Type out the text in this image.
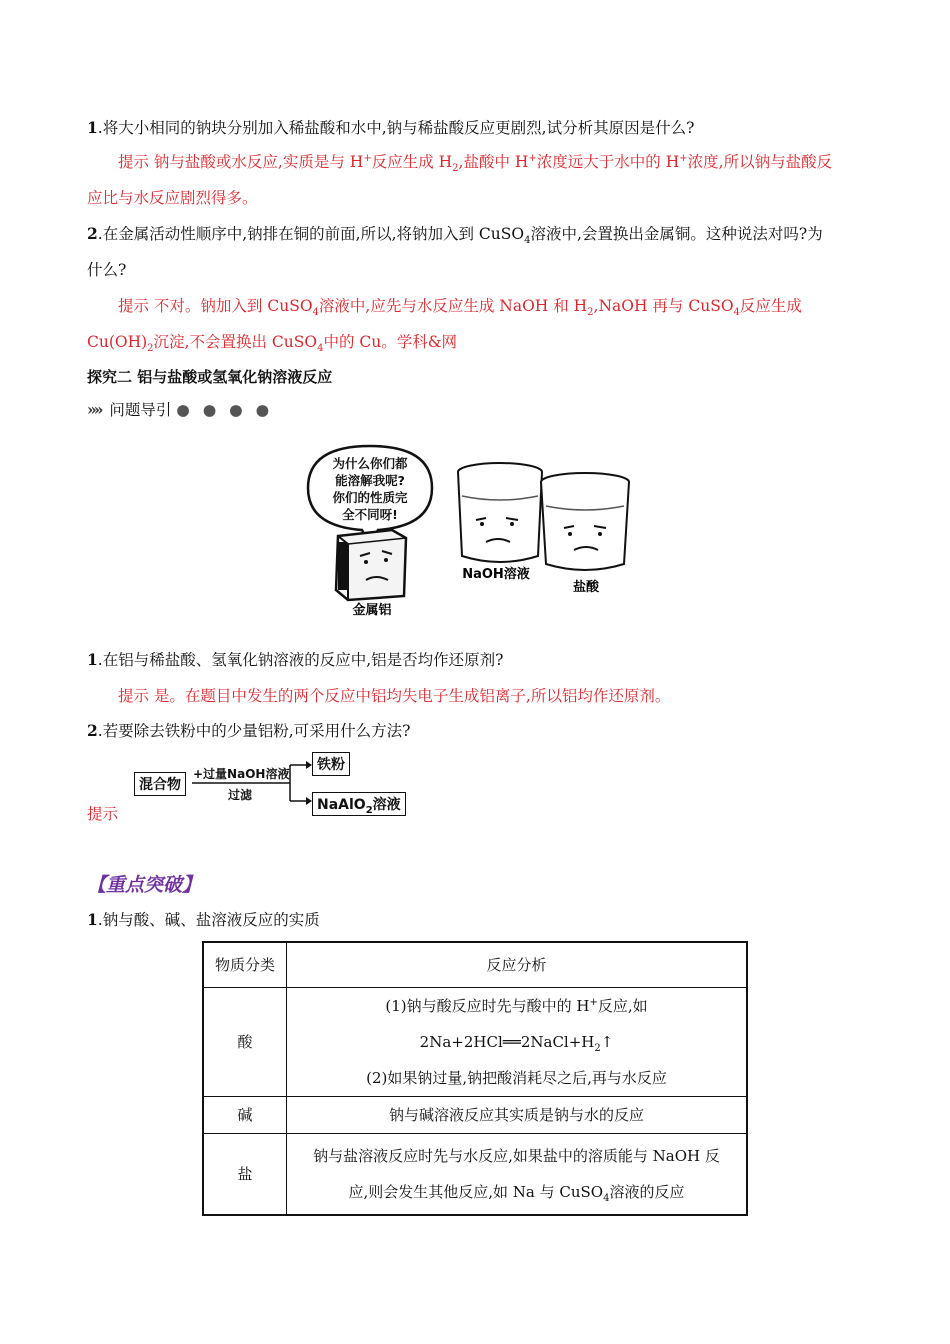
1.将大小相同的钠块分别加入稀盐酸和水中,钠与稀盐酸反应更剧烈,试分析其原因是什么?
提示 钠与盐酸或水反应,实质是与 H+反应生成 $H_2$,盐酸中 H+浓度远大于水中的 H+浓度,所以钠与盐酸反
应比与水反应剧烈得多。
2.在金属活动性顺序中,钠排在铜的前面,所以,将钠加入到 CuSO$_4$溶液中,会置换出金属铜。这种说法对吗?为
什么?
提示 不对。钠加入到 CuSO$_4$溶液中,应先与水反应生成 NaOH 和 $H_2,NaOH$ 再与 CuSO$_4$反应生成
$Cu(OH)_2$沉淀,不会置换出 CuSO$_4$中的 Cu。学科&网
探究二 铝与盐酸或氢氧化钠溶液反应
»» 问题导引 ● ● ● ●
为什么你们都
能溶解我呢?
你们的性质完
全不同呀!
金属铝
NaOH溶液
盐酸
1.在铝与稀盐酸、氢氧化钠溶液的反应中,铝是否均作还原剂?
提示 是。在题目中发生的两个反应中铝均失电子生成铝离子,所以铝均作还原剂。
2.若要除去铁粉中的少量铝粉,可采用什么方法?
混合物
+过量NaOH溶液
过滤
铁粉
NaAlO$_2$溶液
提示
【重点突破】
1.钠与酸、碱、盐溶液反应的实质
物质分类	反应分析
酸	(1)钠与酸反应时先与酸中的 H+反应,如
$2Na+2HCl══2NaCl+H_2↑$
(2)如果钠过量,钠把酸消耗尽之后,再与水反应

碱	钠与碱溶液反应其实质是钠与水的反应
盐	钠与盐溶液反应时先与水反应,如果盐中的溶质能与 NaOH 反
应,则会发生其他反应,如 Na 与 CuSO$_4$溶液的反应
